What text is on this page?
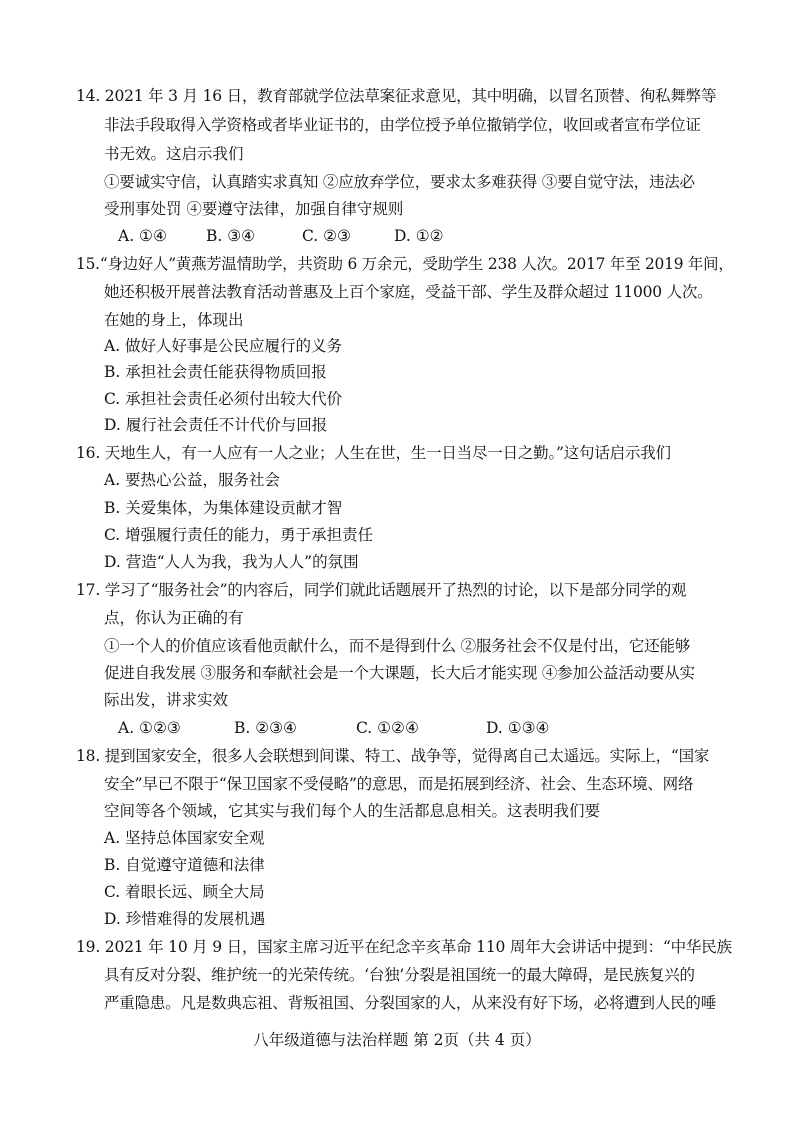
14. 2021 年 3 月 16 日，教育部就学位法草案征求意见，其中明确，以冒名顶替、徇私舞弊等
非法手段取得入学资格或者毕业证书的，由学位授予单位撤销学位，收回或者宣布学位证
书无效。这启示我们
①要诚实守信，认真踏实求真知 ②应放弃学位，要求太多难获得 ③要自觉守法，违法必
受刑事处罚 ④要遵守法律，加强自律守规则
A. ①④	B. ③④	C. ②③	D. ①②
15.“身边好人”黄燕芳温情助学，共资助 6 万余元，受助学生 238 人次。2017 年至 2019 年间，
她还积极开展普法教育活动普惠及上百个家庭，受益干部、学生及群众超过 11000 人次。
在她的身上，体现出
A. 做好人好事是公民应履行的义务
B. 承担社会责任能获得物质回报
C. 承担社会责任必须付出较大代价
D. 履行社会责任不计代价与回报
16. 天地生人，有一人应有一人之业；人生在世，生一日当尽一日之勤。”这句话启示我们
A. 要热心公益，服务社会
B. 关爱集体，为集体建设贡献才智
C. 增强履行责任的能力，勇于承担责任
D. 营造“人人为我，我为人人”的氛围
17. 学习了“服务社会”的内容后，同学们就此话题展开了热烈的讨论，以下是部分同学的观
点，你认为正确的有
①一个人的价值应该看他贡献什么，而不是得到什么 ②服务社会不仅是付出，它还能够
促进自我发展 ③服务和奉献社会是一个大课题，长大后才能实现 ④参加公益活动要从实
际出发，讲求实效
A. ①②③	B. ②③④	C. ①②④	D. ①③④
18. 提到国家安全，很多人会联想到间谍、特工、战争等，觉得离自己太遥远。实际上，“国家
安全”早已不限于“保卫国家不受侵略”的意思，而是拓展到经济、社会、生态环境、网络
空间等各个领域，它其实与我们每个人的生活都息息相关。这表明我们要
A. 坚持总体国家安全观
B. 自觉遵守道德和法律
C. 着眼长远、顾全大局
D. 珍惜难得的发展机遇
19. 2021 年 10 月 9 日，国家主席习近平在纪念辛亥革命 110 周年大会讲话中提到：“中华民族
具有反对分裂、维护统一的光荣传统。‘台独’分裂是祖国统一的最大障碍，是民族复兴的
严重隐患。凡是数典忘祖、背叛祖国、分裂国家的人，从来没有好下场，必将遭到人民的唾
八年级道德与法治样题 第 2页（共 4 页）
